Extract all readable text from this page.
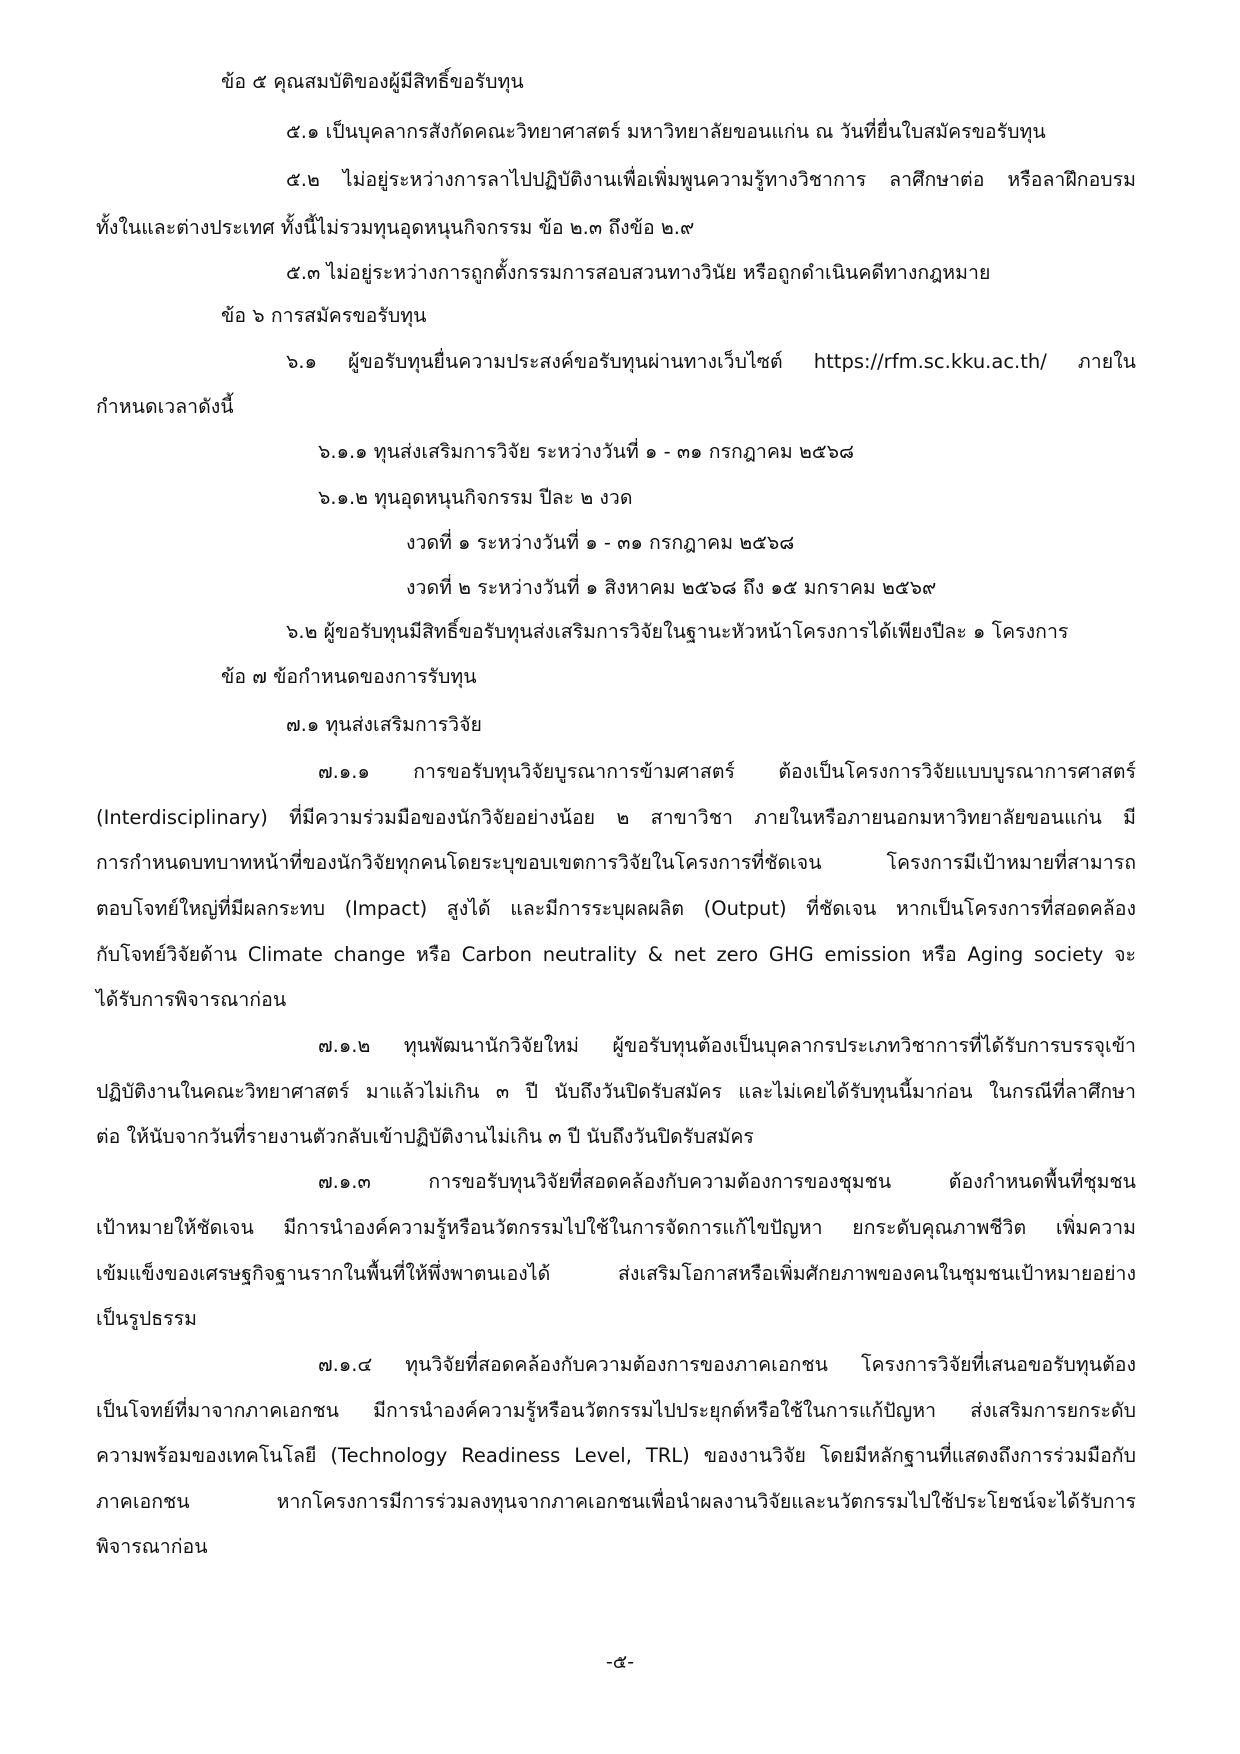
ข้อ ๕ คุณสมบัติของผู้มีสิทธิ์ขอรับทุน
๕.๑ เป็นบุคลากรสังกัดคณะวิทยาศาสตร์ มหาวิทยาลัยขอนแก่น ณ วันที่ยื่นใบสมัครขอรับทุน
๕.๒ ไม่อยู่ระหว่างการลาไปปฏิบัติงานเพื่อเพิ่มพูนความรู้ทางวิชาการ ลาศึกษาต่อ หรือลาฝึกอบรม
ทั้งในและต่างประเทศ ทั้งนี้ไม่รวมทุนอุดหนุนกิจกรรม ข้อ ๒.๓ ถึงข้อ ๒.๙
๕.๓ ไม่อยู่ระหว่างการถูกตั้งกรรมการสอบสวนทางวินัย หรือถูกดำเนินคดีทางกฎหมาย
ข้อ ๖ การสมัครขอรับทุน
๖.๑ ผู้ขอรับทุนยื่นความประสงค์ขอรับทุนผ่านทางเว็บไซต์ https://rfm.sc.kku.ac.th/ ภายใน
กำหนดเวลาดังนี้
๖.๑.๑ ทุนส่งเสริมการวิจัย ระหว่างวันที่ ๑ - ๓๑ กรกฎาคม ๒๕๖๘
๖.๑.๒ ทุนอุดหนุนกิจกรรม ปีละ ๒ งวด
งวดที่ ๑ ระหว่างวันที่ ๑ - ๓๑ กรกฎาคม ๒๕๖๘
งวดที่ ๒ ระหว่างวันที่ ๑ สิงหาคม ๒๕๖๘ ถึง ๑๕ มกราคม ๒๕๖๙
๖.๒ ผู้ขอรับทุนมีสิทธิ์ขอรับทุนส่งเสริมการวิจัยในฐานะหัวหน้าโครงการได้เพียงปีละ ๑ โครงการ
ข้อ ๗ ข้อกำหนดของการรับทุน
๗.๑ ทุนส่งเสริมการวิจัย
๗.๑.๑ การขอรับทุนวิจัยบูรณาการข้ามศาสตร์ ต้องเป็นโครงการวิจัยแบบบูรณาการศาสตร์
(Interdisciplinary) ที่มีความร่วมมือของนักวิจัยอย่างน้อย ๒ สาขาวิชา ภายในหรือภายนอกมหาวิทยาลัยขอนแก่น มี
การกำหนดบทบาทหน้าที่ของนักวิจัยทุกคนโดยระบุขอบเขตการวิจัยในโครงการที่ชัดเจน โครงการมีเป้าหมายที่สามารถ
ตอบโจทย์ใหญ่ที่มีผลกระทบ (Impact) สูงได้ และมีการระบุผลผลิต (Output) ที่ชัดเจน หากเป็นโครงการที่สอดคล้อง
กับโจทย์วิจัยด้าน Climate change หรือ Carbon neutrality & net zero GHG emission หรือ Aging society จะ
ได้รับการพิจารณาก่อน
๗.๑.๒ ทุนพัฒนานักวิจัยใหม่ ผู้ขอรับทุนต้องเป็นบุคลากรประเภทวิชาการที่ได้รับการบรรจุเข้า
ปฏิบัติงานในคณะวิทยาศาสตร์ มาแล้วไม่เกิน ๓ ปี นับถึงวันปิดรับสมัคร และไม่เคยได้รับทุนนี้มาก่อน ในกรณีที่ลาศึกษา
ต่อ ให้นับจากวันที่รายงานตัวกลับเข้าปฏิบัติงานไม่เกิน ๓ ปี นับถึงวันปิดรับสมัคร
๗.๑.๓ การขอรับทุนวิจัยที่สอดคล้องกับความต้องการของชุมชน ต้องกำหนดพื้นที่ชุมชน
เป้าหมายให้ชัดเจน มีการนำองค์ความรู้หรือนวัตกรรมไปใช้ในการจัดการแก้ไขปัญหา ยกระดับคุณภาพชีวิต เพิ่มความ
เข้มแข็งของเศรษฐกิจฐานรากในพื้นที่ให้พึ่งพาตนเองได้ ส่งเสริมโอกาสหรือเพิ่มศักยภาพของคนในชุมชนเป้าหมายอย่าง
เป็นรูปธรรม
๗.๑.๔ ทุนวิจัยที่สอดคล้องกับความต้องการของภาคเอกชน โครงการวิจัยที่เสนอขอรับทุนต้อง
เป็นโจทย์ที่มาจากภาคเอกชน มีการนำองค์ความรู้หรือนวัตกรรมไปประยุกต์หรือใช้ในการแก้ปัญหา ส่งเสริมการยกระดับ
ความพร้อมของเทคโนโลยี (Technology Readiness Level, TRL) ของงานวิจัย โดยมีหลักฐานที่แสดงถึงการร่วมมือกับ
ภาคเอกชน หากโครงการมีการร่วมลงทุนจากภาคเอกชนเพื่อนำผลงานวิจัยและนวัตกรรมไปใช้ประโยชน์จะได้รับการ
พิจารณาก่อน
-๕-
